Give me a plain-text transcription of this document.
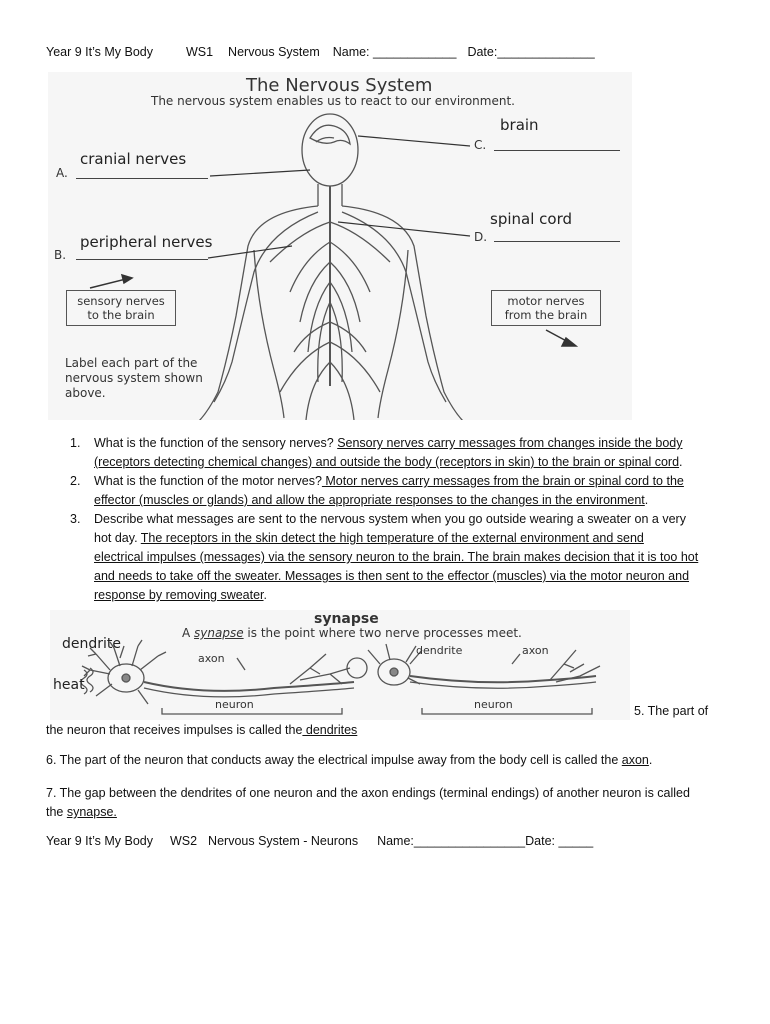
Year 9 It’s My Body	WS1 Nervous System Name: ____________ Date:______________
The Nervous System
The nervous system enables us to react to our environment.
brain
C.
cranial nerves
A.
spinal cord
D.
peripheral nerves
B.
sensory nerves to the brain
motor nerves from the brain
Label each part of the nervous system shown above.
1. What is the function of the sensory nerves? Sensory nerves carry messages from changes inside the body
(receptors detecting chemical changes) and outside the body (receptors in skin) to the brain or spinal cord.
2. What is the function of the motor nerves? Motor nerves carry messages from the brain or spinal cord to the
effector (muscles or glands) and allow the appropriate responses to the changes in the environment.
3. Describe what messages are sent to the nervous system when you go outside wearing a sweater on a very
hot day. The receptors in the skin detect the high temperature of the external environment and send
electrical impulses (messages) via the sensory neuron to the brain. The brain makes decision that it is too hot
and needs to take off the sweater. Messages is then sent to the effector (muscles) via the motor neuron and
response by removing sweater.
synapse
A synapse is the point where two nerve processes meet.
dendrite
heat
axon
neuron
dendrite	axon
neuron	5. The part of
the neuron that receives impulses is called the dendrites
6. The part of the neuron that conducts away the electrical impulse away from the body cell is called the axon.
7. The gap between the dendrites of one neuron and the axon endings (terminal endings) of another neuron is called
the synapse.
Year 9 It’s My Body WS2 Nervous System - Neurons Name:________________Date: _____
